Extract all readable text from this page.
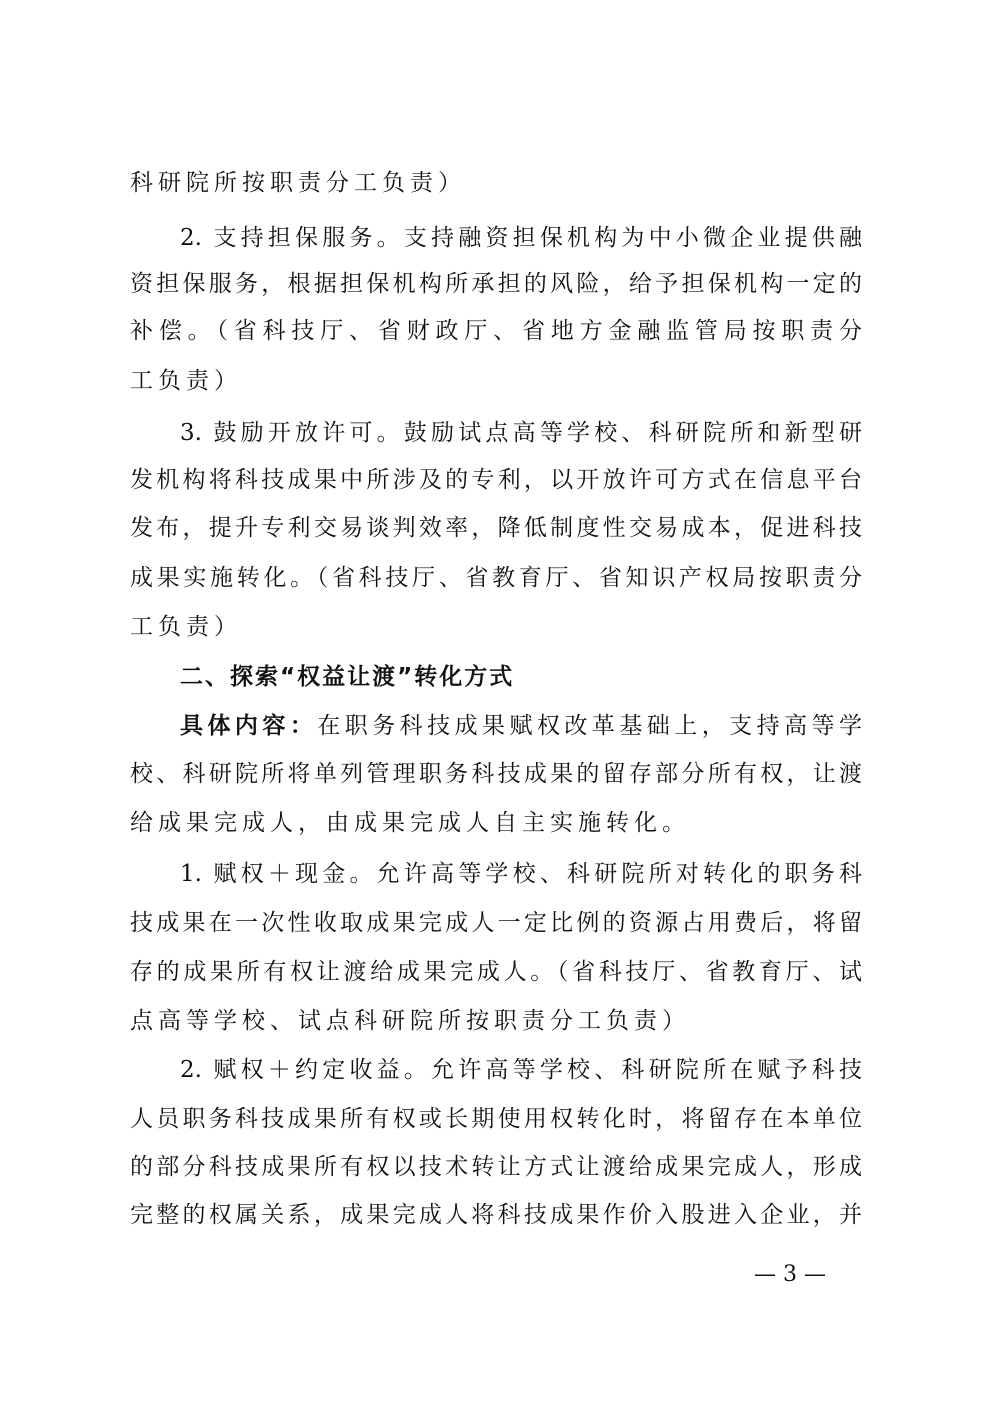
科研院所按职责分工负责）
2. 支持担保服务。支持融资担保机构为中小微企业提供融
资担保服务，根据担保机构所承担的风险，给予担保机构一定的
补偿。（省科技厅、省财政厅、省地方金融监管局按职责分
工负责）
3. 鼓励开放许可。鼓励试点高等学校、科研院所和新型研
发机构将科技成果中所涉及的专利，以开放许可方式在信息平台
发布，提升专利交易谈判效率，降低制度性交易成本，促进科技
成果实施转化。（省科技厅、省教育厅、省知识产权局按职责分
工负责）
二、探索“权益让渡”转化方式
具体内容：在职务科技成果赋权改革基础上，支持高等学
校、科研院所将单列管理职务科技成果的留存部分所有权，让渡
给成果完成人，由成果完成人自主实施转化。
1. 赋权＋现金。允许高等学校、科研院所对转化的职务科
技成果在一次性收取成果完成人一定比例的资源占用费后，将留
存的成果所有权让渡给成果完成人。（省科技厅、省教育厅、试
点高等学校、试点科研院所按职责分工负责）
2. 赋权＋约定收益。允许高等学校、科研院所在赋予科技
人员职务科技成果所有权或长期使用权转化时，将留存在本单位
的部分科技成果所有权以技术转让方式让渡给成果完成人，形成
完整的权属关系，成果完成人将科技成果作价入股进入企业，并
— 3 —
